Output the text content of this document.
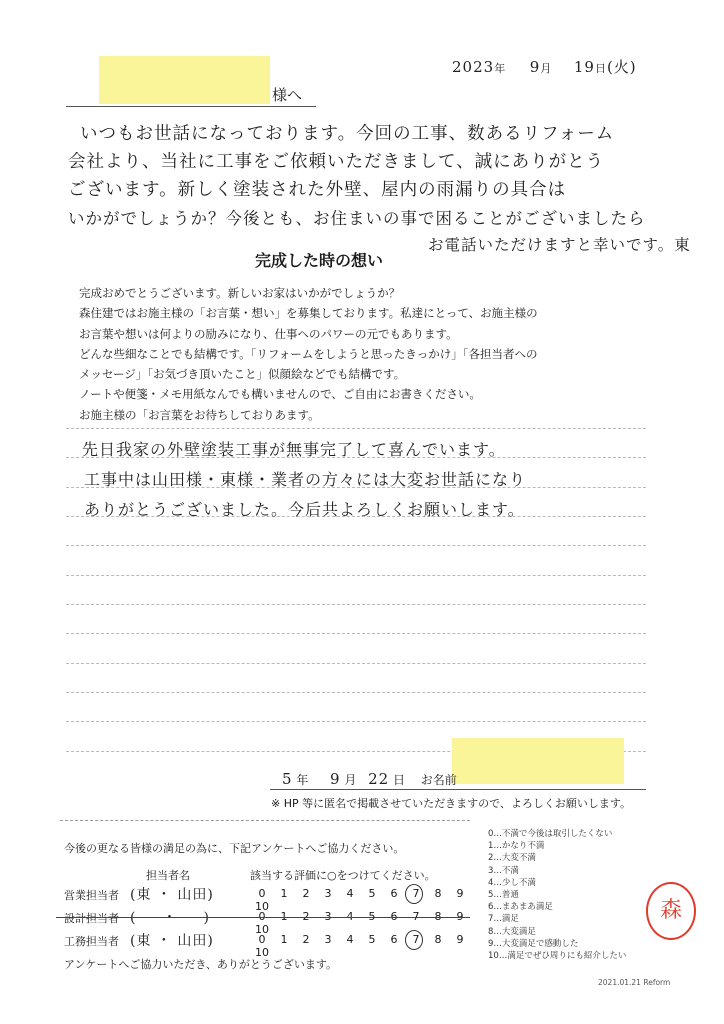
2023年 9月 19日(火)
様へ
いつもお世話になっております。今回の工事、数あるリフォーム
会社より、当社に工事をご依頼いただきまして、誠にありがとう
ございます。新しく塗装された外壁、屋内の雨漏りの具合は
いかがでしょうか？今後とも、お住まいの事で困ることがございましたら
お電話いただけますと幸いです。東
完成した時の想い
完成おめでとうございます。新しいお家はいかがでしょうか？
森住建ではお施主様の「お言葉・想い」を募集しております。私達にとって、お施主様の
お言葉や想いは何よりの励みになり、仕事へのパワーの元でもあります。
どんな些細なことでも結構です。「リフォームをしようと思ったきっかけ」「各担当者への
メッセージ」「お気づき頂いたこと」似顔絵などでも結構です。
ノートや便箋・メモ用紙なんでも構いませんので、ご自由にお書きください。
お施主様の「お言葉をお待ちしておりあます。
先日我家の外壁塗装工事が無事完了して喜んでいます。
工事中は山田様・東様・業者の方々には大変お世話になり
ありがとうございました。今后共よろしくお願いします。
5 年 9 月 22 日 お名前
※ HP 等に匿名で掲載させていただきますので、よろしくお願いします。
今後の更なる皆様の満足の為に、下記アンケートへご協力ください。
担当者名	該当する評価に○をつけてください。
営業担当者 (東 ・ 山田)	0 1 2 3 4 5 6 7 8 910
設計担当者 ( ・ )	0 1 2 3 4 5 6 7 8 910
工務担当者 (東 ・ 山田)	0 1 2 3 4 5 6 7 8 910
アンケートへご協力いただき、ありがとうございます。
0…不満で今後は取引したくない
1…かなり不満
2…大変不満
3…不満
4…少し不満
5…普通
6…まあまあ満足
7…満足
8…大変満足
9…大変満足で感動した
10…満足でぜひ周りにも紹介したい
森
2021.01.21 Reform
